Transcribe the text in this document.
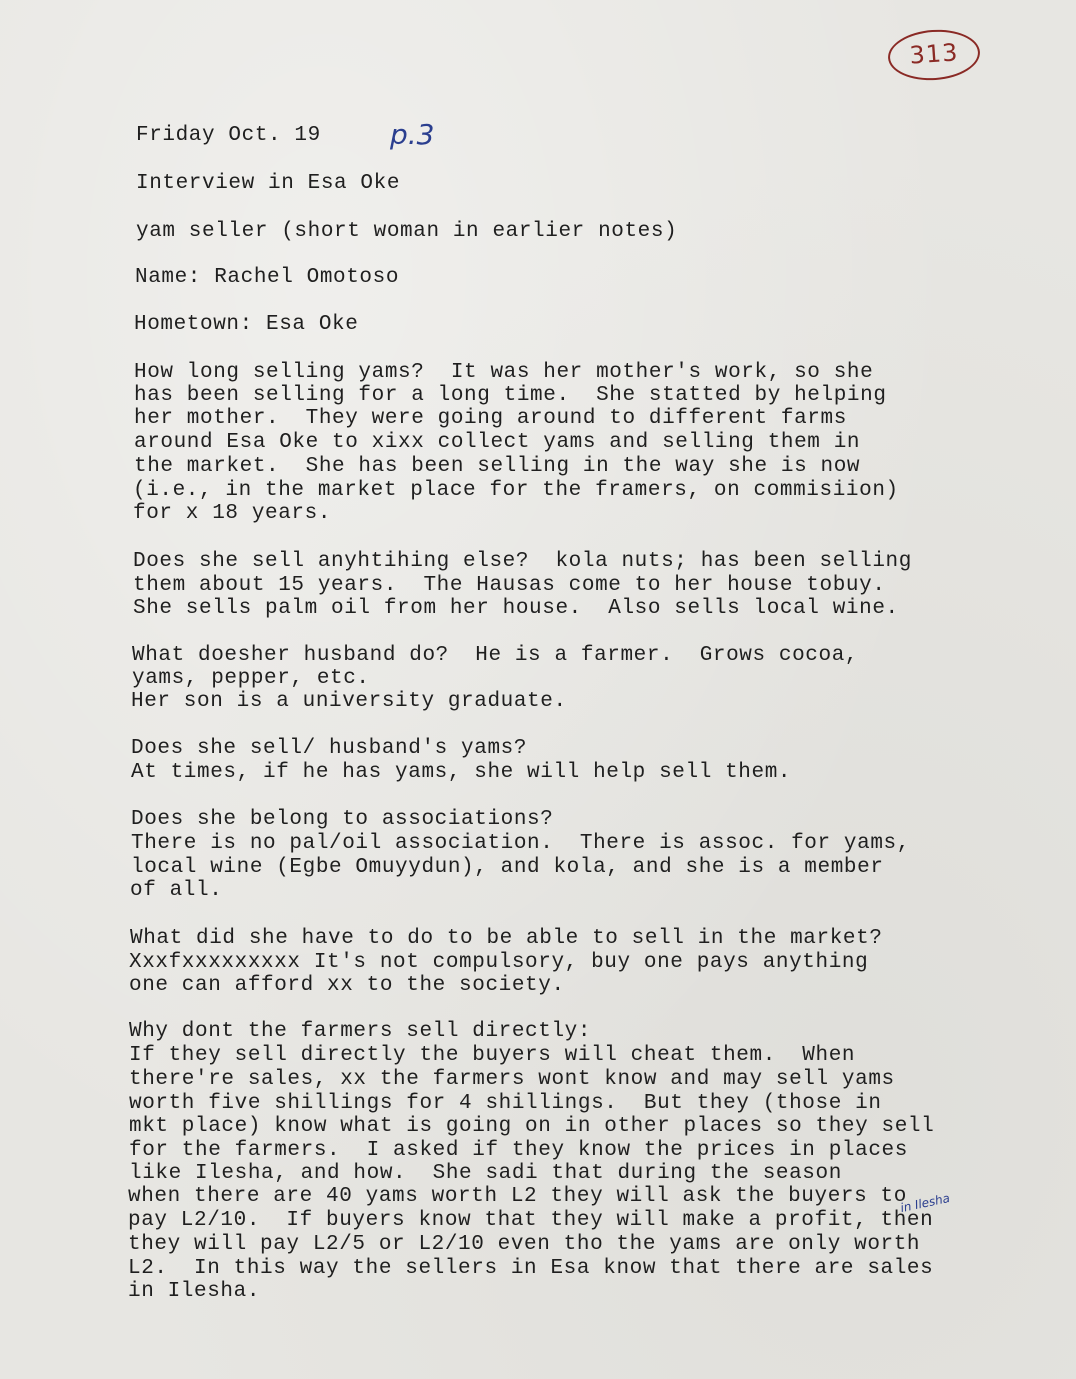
313
p.3
Friday Oct. 19
Interview in Esa Oke
yam seller (short woman in earlier notes)
Name: Rachel Omotoso
Hometown: Esa Oke
How long selling yams?  It was her mother's work, so she
has been selling for a long time.  She statted by helping
her mother.  They were going around to different farms
around Esa Oke to xixx collect yams and selling them in
the market.  She has been selling in the way she is now
(i.e., in the market place for the framers, on commisiion)
for x 18 years.
Does she sell anyhtihing else?  kola nuts; has been selling
them about 15 years.  The Hausas come to her house tobuy.
She sells palm oil from her house.  Also sells local wine.
What doesher husband do?  He is a farmer.  Grows cocoa,
yams, pepper, etc.
Her son is a university graduate.
Does she sell/ husband's yams?
At times, if he has yams, she will help sell them.
Does she belong to associations?
There is no pal/oil association.  There is assoc. for yams,
local wine (Egbe Omuyydun), and kola, and she is a member
of all.
What did she have to do to be able to sell in the market?
Xxxfxxxxxxxxx It's not compulsory, buy one pays anything
one can afford xx to the society.
Why dont the farmers sell directly:
If they sell directly the buyers will cheat them.  When
there're sales, xx the farmers wont know and may sell yams
worth five shillings for 4 shillings.  But they (those in
mkt place) know what is going on in other places so they sell
for the farmers.  I asked if they know the prices in places
like Ilesha, and how.  She sadi that during the season
when there are 40 yams worth L2 they will ask the buyers to
pay L2/10.  If buyers know that they will make a profit, then
they will pay L2/5 or L2/10 even tho the yams are only worth
L2.  In this way the sellers in Esa know that there are sales
in Ilesha.
in Ilesha
